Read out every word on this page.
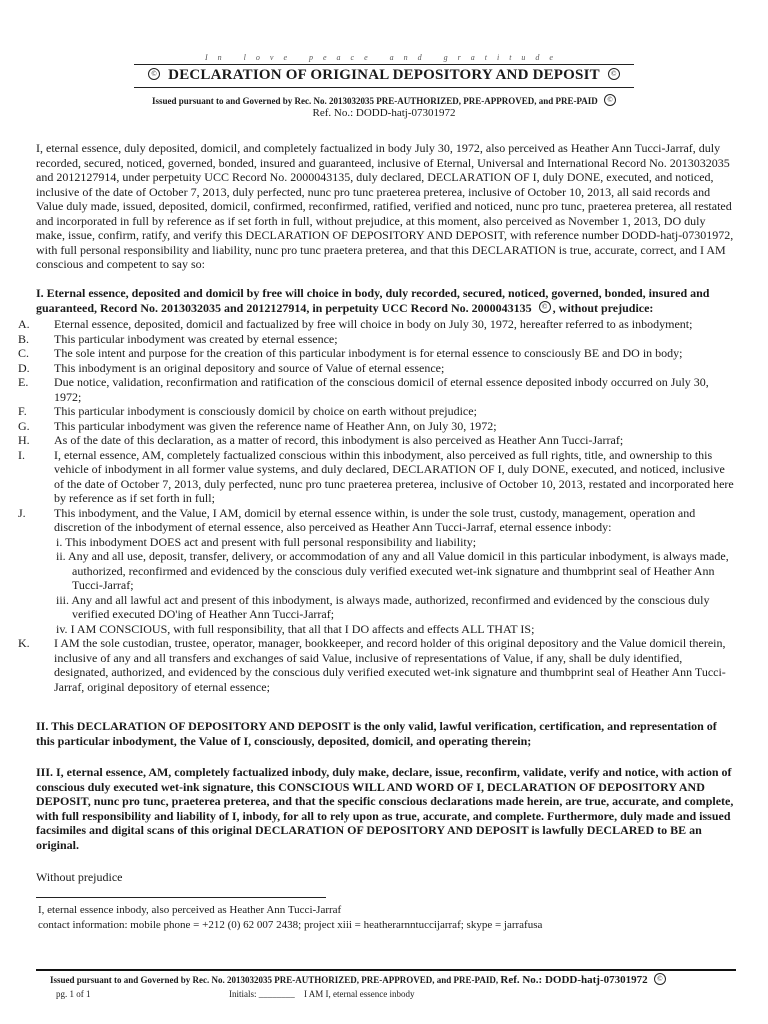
In love peace and gratitude
© DECLARATION OF ORIGINAL DEPOSITORY AND DEPOSIT ©
Issued pursuant to and Governed by Rec. No. 2013032035 PRE-AUTHORIZED, PRE-APPROVED, and PRE-PAID ©
Ref. No.: DODD-hatj-07301972
I, eternal essence, duly deposited, domicil, and completely factualized in body July 30, 1972, also perceived as Heather Ann Tucci-Jarraf, duly recorded, secured, noticed, governed, bonded, insured and guaranteed, inclusive of Eternal, Universal and International Record No. 2013032035 and 2012127914, under perpetuity UCC Record No. 2000043135, duly declared, DECLARATION OF I, duly DONE, executed, and noticed, inclusive of the date of October 7, 2013, duly perfected, nunc pro tunc praeterea preterea, inclusive of October 10, 2013, all said records and Value duly made, issued, deposited, domicil, confirmed, reconfirmed, ratified, verified and noticed, nunc pro tunc, praeterea preterea, all restated and incorporated in full by reference as if set forth in full, without prejudice, at this moment, also perceived as November 1, 2013, DO duly make, issue, confirm, ratify, and verify this DECLARATION OF DEPOSITORY AND DEPOSIT, with reference number DODD-hatj-07301972, with full personal responsibility and liability, nunc pro tunc praetera preterea, and that this DECLARATION is true, accurate, correct, and I AM conscious and competent to say so:
I. Eternal essence, deposited and domicil by free will choice in body, duly recorded, secured, noticed, governed, bonded, insured and guaranteed, Record No. 2013032035 and 2012127914, in perpetuity UCC Record No. 2000043135 © , without prejudice:
A. Eternal essence, deposited, domicil and factualized by free will choice in body on July 30, 1972, hereafter referred to as inbodyment;
B. This particular inbodyment was created by eternal essence;
C. The sole intent and purpose for the creation of this particular inbodyment is for eternal essence to consciously BE and DO in body;
D. This inbodyment is an original depository and source of Value of eternal essence;
E. Due notice, validation, reconfirmation and ratification of the conscious domicil of eternal essence deposited inbody occurred on July 30, 1972;
F. This particular inbodyment is consciously domicil by choice on earth without prejudice;
G. This particular inbodyment was given the reference name of Heather Ann, on July 30, 1972;
H. As of the date of this declaration, as a matter of record, this inbodyment is also perceived as Heather Ann Tucci-Jarraf;
I. I, eternal essence, AM, completely factualized conscious within this inbodyment, also perceived as full rights, title, and ownership to this vehicle of inbodyment in all former value systems, and duly declared, DECLARATION OF I, duly DONE, executed, and noticed, inclusive of the date of October 7, 2013, duly perfected, nunc pro tunc praeterea preterea, inclusive of October 10, 2013, restated and incorporated here by reference as if set forth in full;
J. This inbodyment, and the Value, I AM, domicil by eternal essence within, is under the sole trust, custody, management, operation and discretion of the inbodyment of eternal essence, also perceived as Heather Ann Tucci-Jarraf, eternal essence inbody:
i. This inbodyment DOES act and present with full personal responsibility and liability;
ii. Any and all use, deposit, transfer, delivery, or accommodation of any and all Value domicil in this particular inbodyment, is always made, authorized, reconfirmed and evidenced by the conscious duly verified executed wet-ink signature and thumbprint seal of Heather Ann Tucci-Jarraf;
iii. Any and all lawful act and present of this inbodyment, is always made, authorized, reconfirmed and evidenced by the conscious duly verified executed DO'ing of Heather Ann Tucci-Jarraf;
iv. I AM CONSCIOUS, with full responsibility, that all that I DO affects and effects ALL THAT IS;
K. I AM the sole custodian, trustee, operator, manager, bookkeeper, and record holder of this original depository and the Value domicil therein, inclusive of any and all transfers and exchanges of said Value, inclusive of representations of Value, if any, shall be duly identified, designated, authorized, and evidenced by the conscious duly verified executed wet-ink signature and thumbprint seal of Heather Ann Tucci-Jarraf, original depository of eternal essence;
II. This DECLARATION OF DEPOSITORY AND DEPOSIT is the only valid, lawful verification, certification, and representation of this particular inbodyment, the Value of I, consciously, deposited, domicil, and operating therein;
III. I, eternal essence, AM, completely factualized inbody, duly make, declare, issue, reconfirm, validate, verify and notice, with action of conscious duly executed wet-ink signature, this CONSCIOUS WILL AND WORD OF I, DECLARATION OF DEPOSITORY AND DEPOSIT, nunc pro tunc, praeterea preterea, and that the specific conscious declarations made herein, are true, accurate, and complete, with full responsibility and liability of I, inbody, for all to rely upon as true, accurate, and complete. Furthermore, duly made and issued facsimiles and digital scans of this original DECLARATION OF DEPOSITORY AND DEPOSIT is lawfully DECLARED to BE an original.
Without prejudice
I, eternal essence inbody, also perceived as Heather Ann Tucci-Jarraf
contact information: mobile phone = +212 (0) 62 007 2438; project xiii = heatherarnntuccijarraf; skype = jarrafusa
Issued pursuant to and Governed by Rec. No. 2013032035 PRE-AUTHORIZED, PRE-APPROVED, and PRE-PAID, Ref. No.: DODD-hatj-07301972 ©
pg. 1 of 1	Initials: ________ I AM I, eternal essence inbody
